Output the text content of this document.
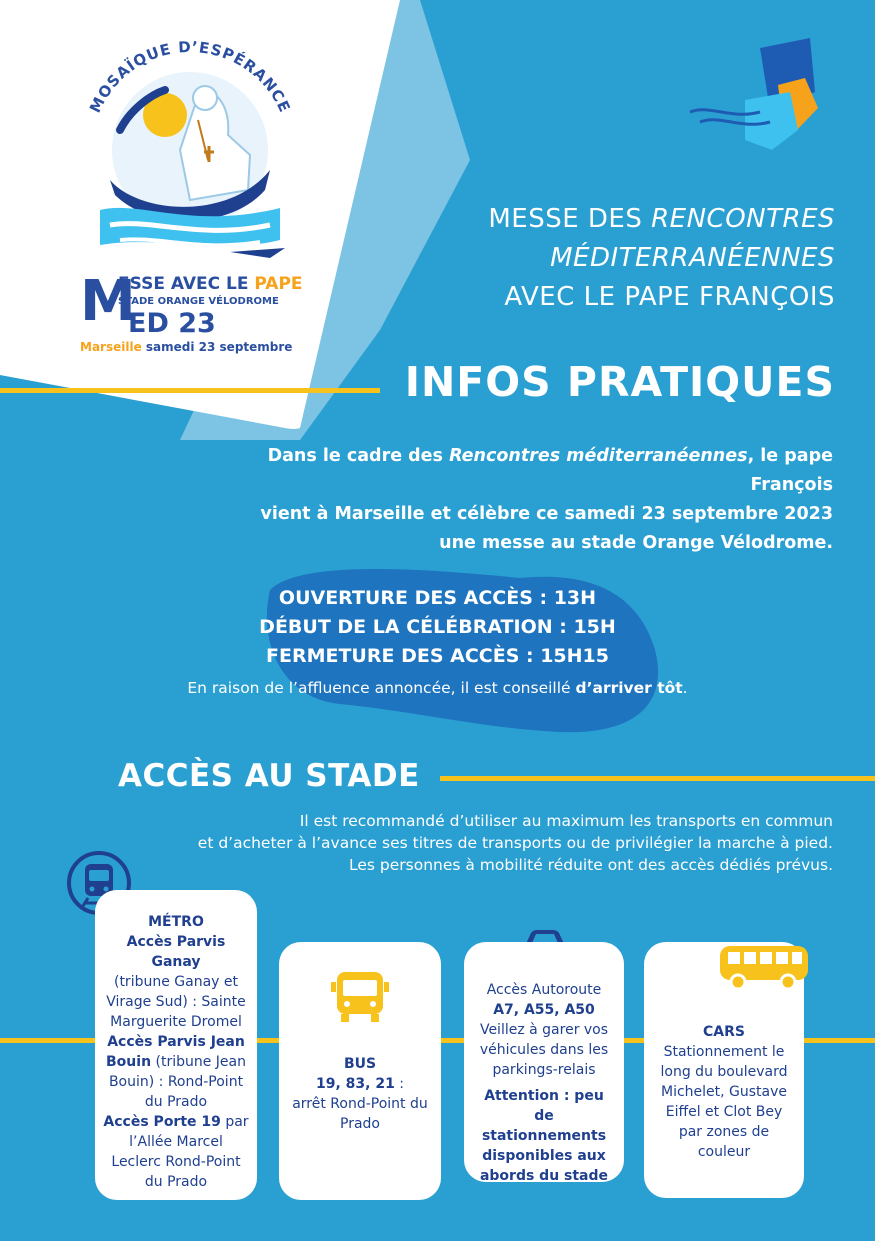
MOSAÏQUE D’ESPÉRANCE
M
ESSE AVEC LE PAPE
STADE ORANGE VÉLODROME
ED 23
Marseille samedi 23 septembre
MESSE DES RENCONTRES
MÉDITERRANÉENNES
AVEC LE PAPE FRANÇOIS
INFOS PRATIQUES
Dans le cadre des Rencontres méditerranéennes, le pape François
vient à Marseille et célèbre ce samedi 23 septembre 2023
une messe au stade Orange Vélodrome.
OUVERTURE DES ACCÈS : 13H
DÉBUT DE LA CÉLÉBRATION : 15H
FERMETURE DES ACCÈS : 15H15
En raison de l’affluence annoncée, il est conseillé d’arriver tôt.
ACCÈS AU STADE
Il est recommandé d’utiliser au maximum les transports en commun
et d’acheter à l’avance ses titres de transports ou de privilégier la marche à pied.
Les personnes à mobilité réduite ont des accès dédiés prévus.

MÉTRO

Accès Parvis Ganay

(tribune Ganay et Virage Sud) : Sainte Marguerite Dromel

Accès Parvis Jean Bouin (tribune Jean Bouin) : Rond-Point du Prado

Accès Porte 19 par l’Allée Marcel Leclerc Rond-Point du Prado

BUS

19, 83, 21 :

arrêt Rond-Point du Prado

Accès Autoroute

A7, A55, A50

Veillez à garer vos véhicules dans les parkings-relais

Attention : peu de stationnements disponibles aux abords du stade

CARS

Stationnement le long du boulevard Michelet, Gustave Eiffel et Clot Bey par zones de couleur
